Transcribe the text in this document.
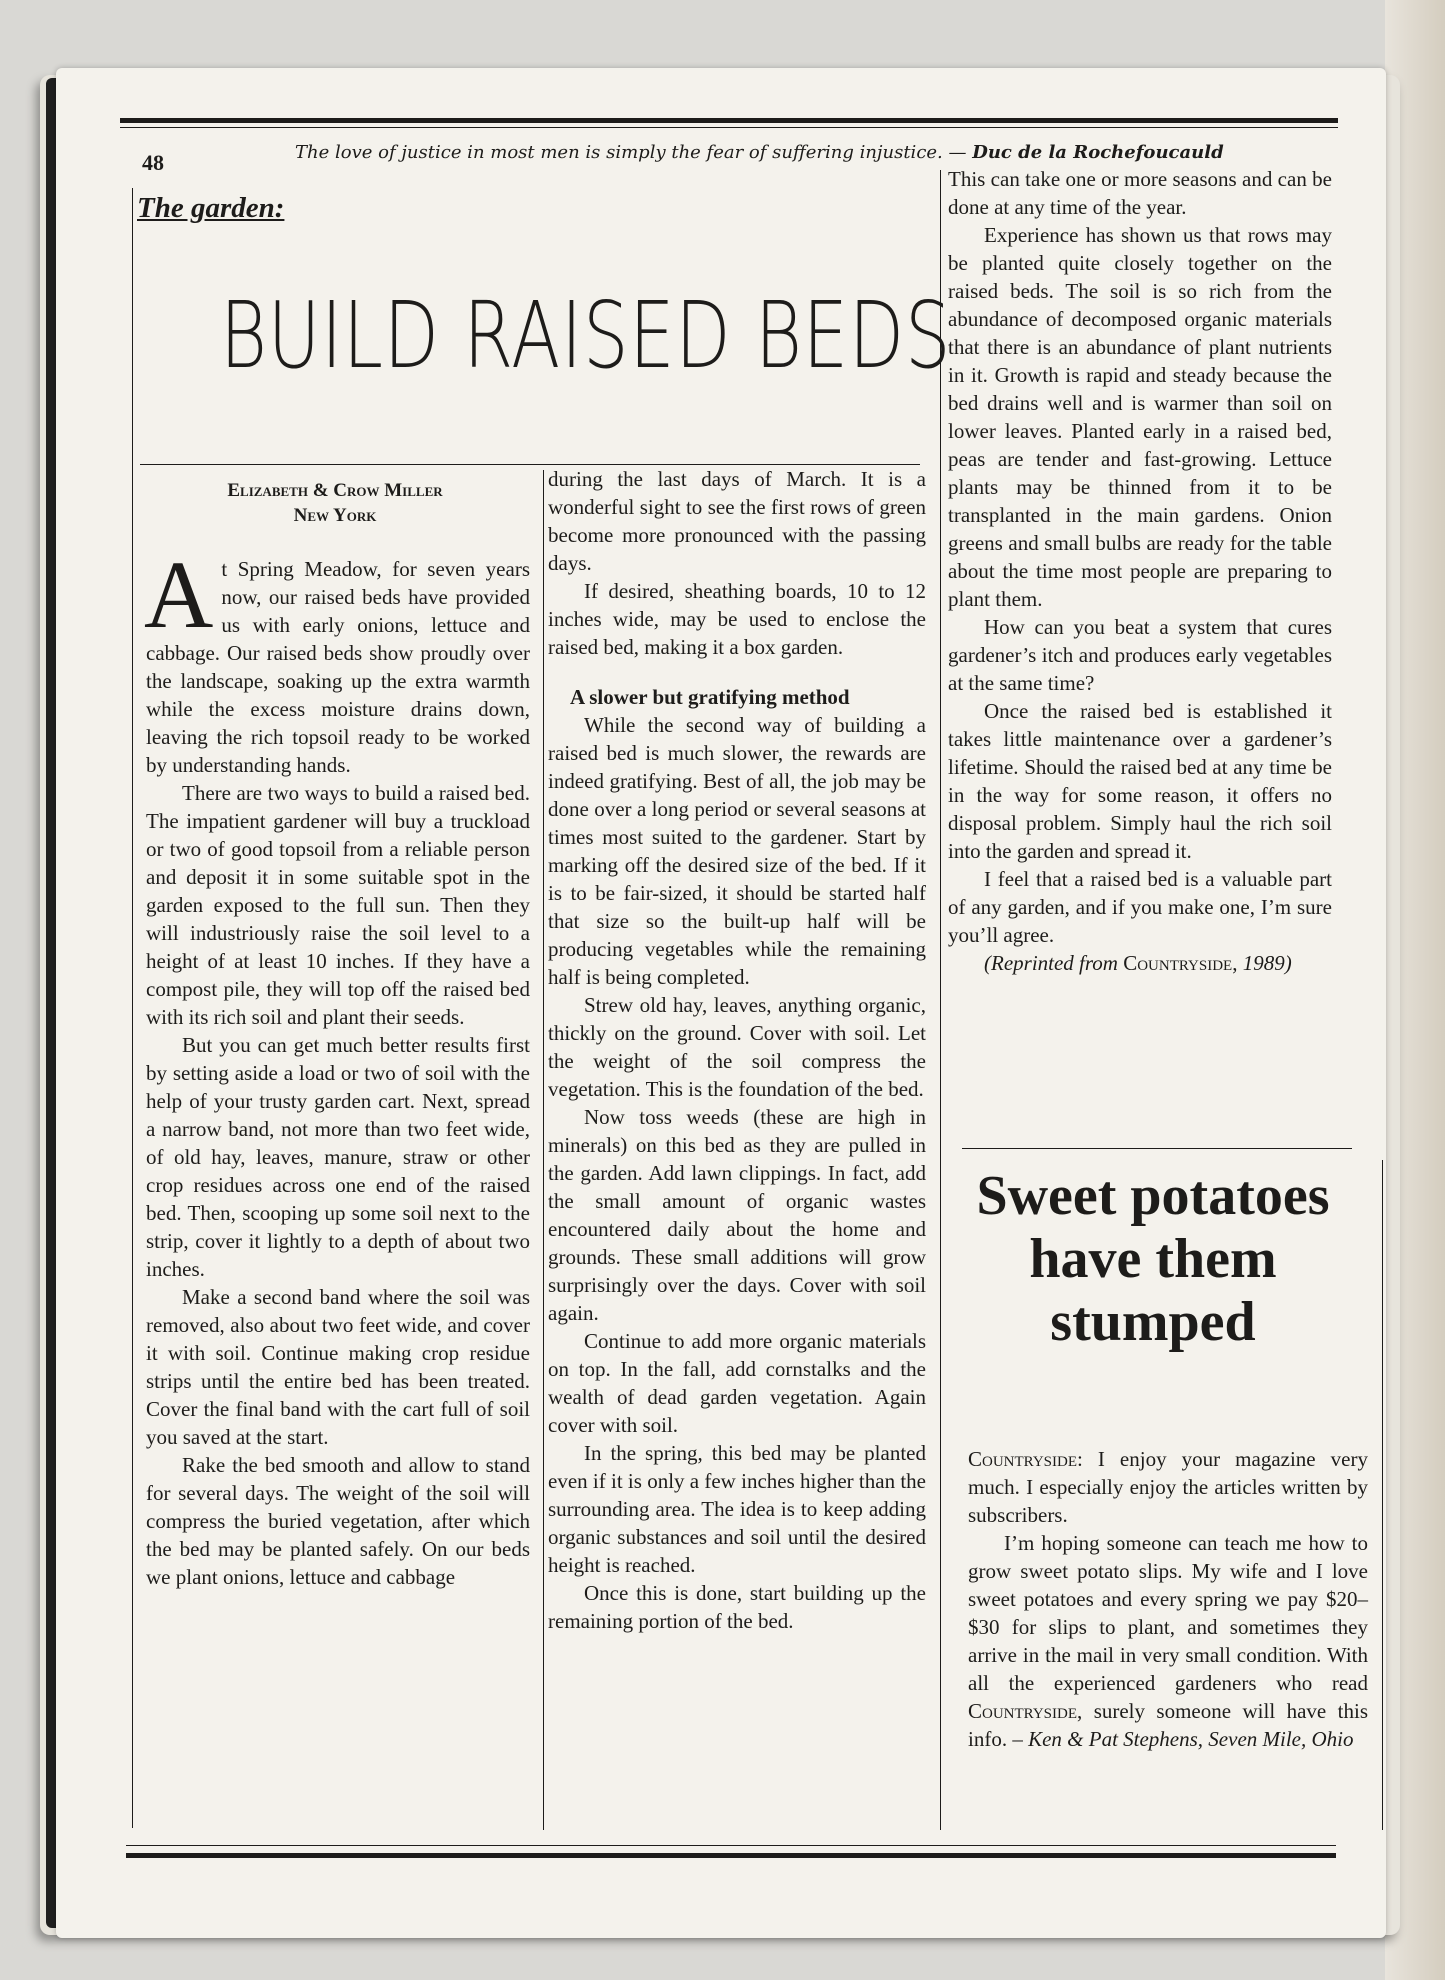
48	The love of justice in most men is simply the fear of suffering injustice. — Duc de la Rochefoucauld
The garden:
BUILD RAISED BEDS
Elizabeth & Crow Miller
New York

At Spring Meadow, for seven years now, our raised beds have provided us with early onions, lettuce and cabbage. Our raised beds show proudly over the landscape, soaking up the extra warmth while the excess moisture drains down, leaving the rich topsoil ready to be worked by understanding hands.

There are two ways to build a raised bed. The impatient gardener will buy a truckload or two of good topsoil from a reliable person and deposit it in some suitable spot in the garden exposed to the full sun. Then they will industriously raise the soil level to a height of at least 10 inches. If they have a compost pile, they will top off the raised bed with its rich soil and plant their seeds.

But you can get much better results first by setting aside a load or two of soil with the help of your trusty garden cart. Next, spread a narrow band, not more than two feet wide, of old hay, leaves, manure, straw or other crop residues across one end of the raised bed. Then, scooping up some soil next to the strip, cover it lightly to a depth of about two inches.

Make a second band where the soil was removed, also about two feet wide, and cover it with soil. Continue making crop residue strips until the entire bed has been treated. Cover the final band with the cart full of soil you saved at the start.

Rake the bed smooth and allow to stand for several days. The weight of the soil will compress the buried vegetation, after which the bed may be planted safely. On our beds we plant onions, lettuce and cabbage

during the last days of March. It is a wonderful sight to see the first rows of green become more pronounced with the passing days.

If desired, sheathing boards, 10 to 12 inches wide, may be used to enclose the raised bed, making it a box garden.

A slower but gratifying method

While the second way of building a raised bed is much slower, the rewards are indeed gratifying. Best of all, the job may be done over a long period or several seasons at times most suited to the gardener. Start by marking off the desired size of the bed. If it is to be fair-sized, it should be started half that size so the built-up half will be producing vegetables while the remaining half is being completed.

Strew old hay, leaves, anything organic, thickly on the ground. Cover with soil. Let the weight of the soil compress the vegetation. This is the foundation of the bed.

Now toss weeds (these are high in minerals) on this bed as they are pulled in the garden. Add lawn clippings. In fact, add the small amount of organic wastes encountered daily about the home and grounds. These small additions will grow surprisingly over the days. Cover with soil again.

Continue to add more organic materials on top. In the fall, add cornstalks and the wealth of dead garden vegetation. Again cover with soil.

In the spring, this bed may be planted even if it is only a few inches higher than the surrounding area. The idea is to keep adding organic substances and soil until the desired height is reached.

Once this is done, start building up the remaining portion of the bed.

This can take one or more seasons and can be done at any time of the year.

Experience has shown us that rows may be planted quite closely together on the raised beds. The soil is so rich from the abundance of decomposed organic materials that there is an abundance of plant nutrients in it. Growth is rapid and steady because the bed drains well and is warmer than soil on lower leaves. Planted early in a raised bed, peas are tender and fast-growing. Lettuce plants may be thinned from it to be transplanted in the main gardens. Onion greens and small bulbs are ready for the table about the time most people are preparing to plant them.

How can you beat a system that cures gardener’s itch and produces early vegetables at the same time?

Once the raised bed is established it takes little maintenance over a gardener’s lifetime. Should the raised bed at any time be in the way for some reason, it offers no disposal problem. Simply haul the rich soil into the garden and spread it.

I feel that a raised bed is a valuable part of any garden, and if you make one, I’m sure you’ll agree.

(Reprinted from Countryside, 1989)

Sweet potatoes have them stumped

Countryside: I enjoy your magazine very much. I especially enjoy the articles written by subscribers.

I’m hoping someone can teach me how to grow sweet potato slips. My wife and I love sweet potatoes and every spring we pay $20–$30 for slips to plant, and sometimes they arrive in the mail in very small condition. With all the experienced gardeners who read Countryside, surely someone will have this info. – Ken & Pat Stephens, Seven Mile, Ohio
